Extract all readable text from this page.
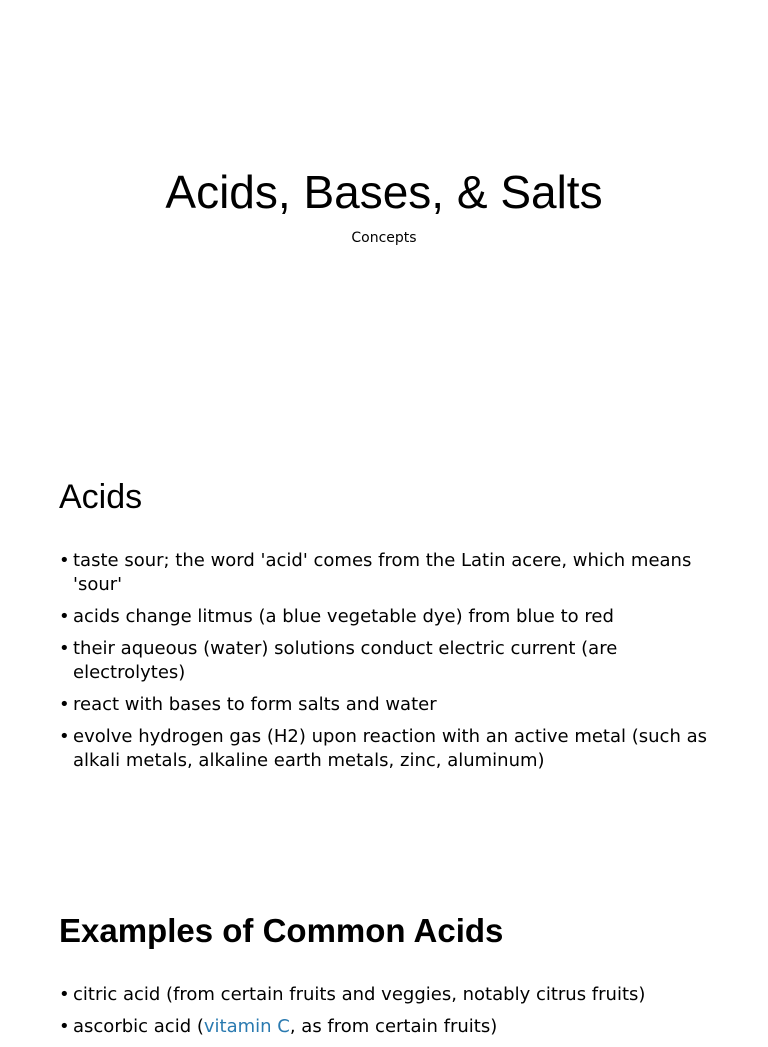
Acids, Bases, & Salts

Concepts

Acids
• taste sour; the word 'acid' comes from the Latin acere, which means 'sour'
• acids change litmus (a blue vegetable dye) from blue to red
• their aqueous (water) solutions conduct electric current (are electrolytes)
• react with bases to form salts and water
• evolve hydrogen gas (H2) upon reaction with an active metal (such as alkali metals, alkaline earth metals, zinc, aluminum)
Examples of Common Acids
• citric acid (from certain fruits and veggies, notably citrus fruits)
• ascorbic acid (vitamin C, as from certain fruits)
